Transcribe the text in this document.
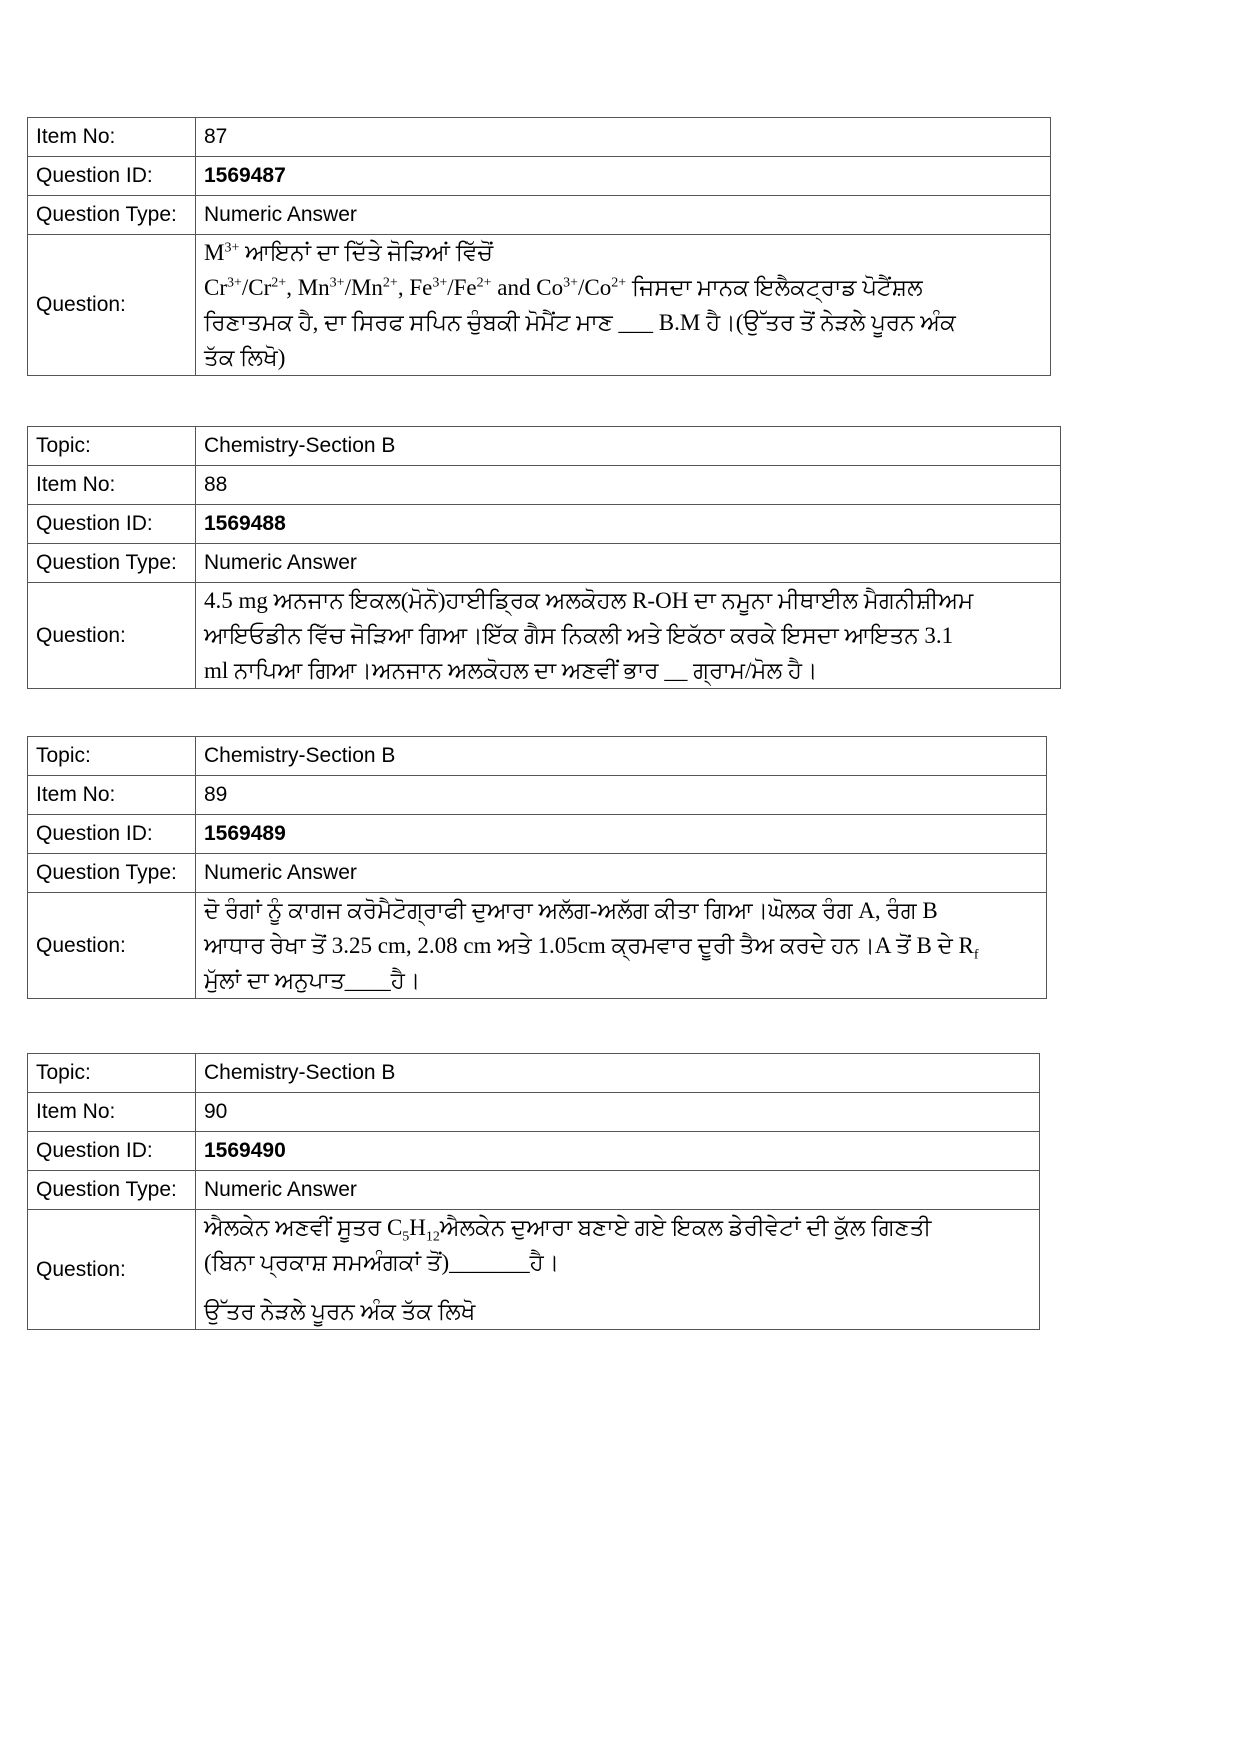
Item No:	87
Question ID:	1569487
Question Type:	Numeric Answer
Question:	$M^{3+}$ ਆਇਨਾਂ ਦਾ ਦਿੱਤੇ ਜੋੜਿਆਂ ਵਿੱਚੋਂ

$Cr^{3+}/Cr^{2+}$, $Mn^{3+}/Mn^{2+}$, $Fe^{3+}/Fe^{2+}$ and $Co^{3+}/Co^{2+}$ ਜਿਸਦਾ ਮਾਨਕ ਇਲੈਕਟ੍ਰਾਡ ਪੋਟੈਂਸ਼ਲ

ਰਿਣਾਤਮਕ ਹੈ, ਦਾ ਸਿਰਫ ਸਪਿਨ ਚੁੰਬਕੀ ਮੋਮੈਂਟ ਮਾਣ ___ B.M ਹੈ।(ਉੱਤਰ ਤੋਂ ਨੇੜਲੇ ਪੂਰਨ ਅੰਕ

ਤੱਕ ਲਿਖੋ)

Topic:	Chemistry-Section B
Item No:	88
Question ID:	1569488
Question Type:	Numeric Answer
Question:	4.5 mg ਅਨਜਾਨ ਇਕਲ(ਮੋਨੋ)ਹਾਈਡ੍ਰਿਕ ਅਲਕੋਹਲ R-OH ਦਾ ਨਮੂਨਾ ਮੀਥਾਈਲ ਮੈਗਨੀਸ਼ੀਅਮ

ਆਇਓਡੀਨ ਵਿੱਚ ਜੋੜਿਆ ਗਿਆ।ਇੱਕ ਗੈਸ ਨਿਕਲੀ ਅਤੇ ਇਕੱਠਾ ਕਰਕੇ ਇਸਦਾ ਆਇਤਨ 3.1

ml ਨਾਪਿਆ ਗਿਆ।ਅਨਜਾਨ ਅਲਕੋਹਲ ਦਾ ਅਣਵੀਂ ਭਾਰ __ ਗ੍ਰਾਮ/ਮੋਲ ਹੈ।

Topic:	Chemistry-Section B
Item No:	89
Question ID:	1569489
Question Type:	Numeric Answer
Question:	ਦੋ ਰੰਗਾਂ ਨੂੰ ਕਾਗਜ ਕਰੋਮੈਟੋਗ੍ਰਾਫੀ ਦੁਆਰਾ ਅਲੱਗ-ਅਲੱਗ ਕੀਤਾ ਗਿਆ।ਘੋਲਕ ਰੰਗ A, ਰੰਗ B

ਆਧਾਰ ਰੇਖਾ ਤੋਂ 3.25 cm, 2.08 cm ਅਤੇ 1.05cm ਕ੍ਰਮਵਾਰ ਦੂਰੀ ਤੈਅ ਕਰਦੇ ਹਨ।A ਤੋਂ B ਦੇ $R_f$

ਮੁੱਲਾਂ ਦਾ ਅਨੁਪਾਤ____ਹੈ।

Topic:	Chemistry-Section B
Item No:	90
Question ID:	1569490
Question Type:	Numeric Answer
Question:	ਐਲਕੇਨ ਅਣਵੀਂ ਸੂਤਰ $C_5H_{12}ਐਲਕੇਨ$ ਦੁਆਰਾ ਬਣਾਏ ਗਏ ਇਕਲ ਡੇਰੀਵੇਟਾਂ ਦੀ ਕੁੱਲ ਗਿਣਤੀ

(ਬਿਨਾ ਪ੍ਰਕਾਸ਼ ਸਮਅੰਗਕਾਂ ਤੋਂ)_______ਹੈ।

ਉੱਤਰ ਨੇੜਲੇ ਪੂਰਨ ਅੰਕ ਤੱਕ ਲਿਖੋ
